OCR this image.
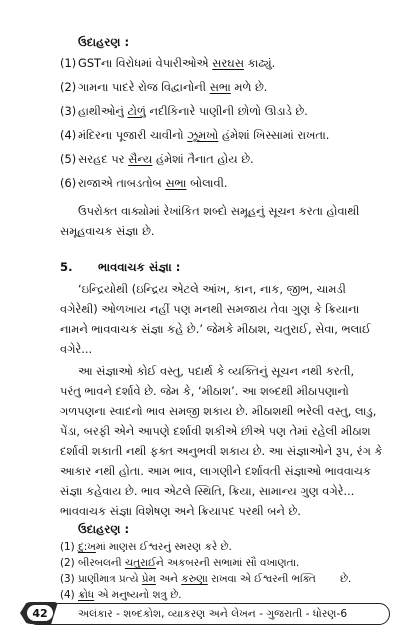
ઉદાહરણ :
(1) GSTના વિરોધમાં વેપારીઓએ સરઘસ કાઢ્યું.
(2) ગામના પાદરે રોજ વિદ્વાનોની સભા મળે છે.
(3) હાથીઓનું ટોળું નદીકિનારે પાણીની છોળો ઊડાડે છે.
(4) મંદિરના પૂજારી ચાવીનો ઝૂમખો હંમેશાં ખિસ્સામાં રાખતા.
(5) સરહદ પર સૈન્ય હંમેશાં તૈનાત હોય છે.
(6) રાજાએ તાબડતોબ સભા બોલાવી.
ઉપરોક્ત વાક્યોમાં રેખાંકિત શબ્દો સમૂહનું સૂચન કરતા હોવાથી
સમૂહવાચક સંજ્ઞા છે.
5. ભાવવાચક સંજ્ઞા :
‘ઇન્દ્રિયોથી (ઇન્દ્રિય એટલે આંખ, કાન, નાક, જીભ, ચામડી
વગેરેથી) ઓળખાય નહીં પણ મનથી સમજાય તેવા ગુણ કે ક્રિયાના
નામને ભાવવાચક સંજ્ઞા કહે છે.’ જેમકે મીઠાશ, ચતુરાઈ, સેવા, ભલાઈ
વગેરે...
આ સંજ્ઞાઓ કોઈ વસ્તુ, પદાર્થ કે વ્યક્તિનું સૂચન નથી કરતી,
પરંતુ ભાવને દર્શાવે છે. જેમ કે, ‘મીઠાશ’. આ શબ્દથી મીઠાપણાનો
ગળપણના સ્વાદનો ભાવ સમજી શકાય છે. મીઠાશથી ભરેલી વસ્તુ, લાડુ,
પેંડા, બરફી એને આપણે દર્શાવી શકીએ છીએ પણ તેમાં રહેલી મીઠાશ
દર્શાવી શકાતી નથી ફક્ત અનુભવી શકાય છે. આ સંજ્ઞાઓને રૂપ, રંગ કે
આકાર નથી હોતા. આમ ભાવ, લાગણીને દર્શાવતી સંજ્ઞાઓ ભાવવાચક
સંજ્ઞા કહેવાય છે. ભાવ એટલે સ્થિતિ, ક્રિયા, સામાન્ય ગુણ વગેરે...
ભાવવાચક સંજ્ઞા વિશેષણ અને ક્રિયાપદ પરથી બને છે.
ઉદાહરણ :
(1) દુ:ખમાં માણસ ઈશ્વરનું સ્મરણ કરે છે.
(2) બીરબલની ચતુરાઈને અકબરની સભામાં સૌ વખાણતા.
(3) પ્રાણીમાત્ર પ્રત્યે પ્રેમ અને કરુણા રાખવા એ ઈશ્વરની ભક્તિ છે.
(4) ક્રોધ એ મનુષ્યનો શત્રુ છે.
42	અલંકાર - શબ્દકોશ, વ્યાકરણ અને લેખન - ગુજરાતી - ધોરણ-6
